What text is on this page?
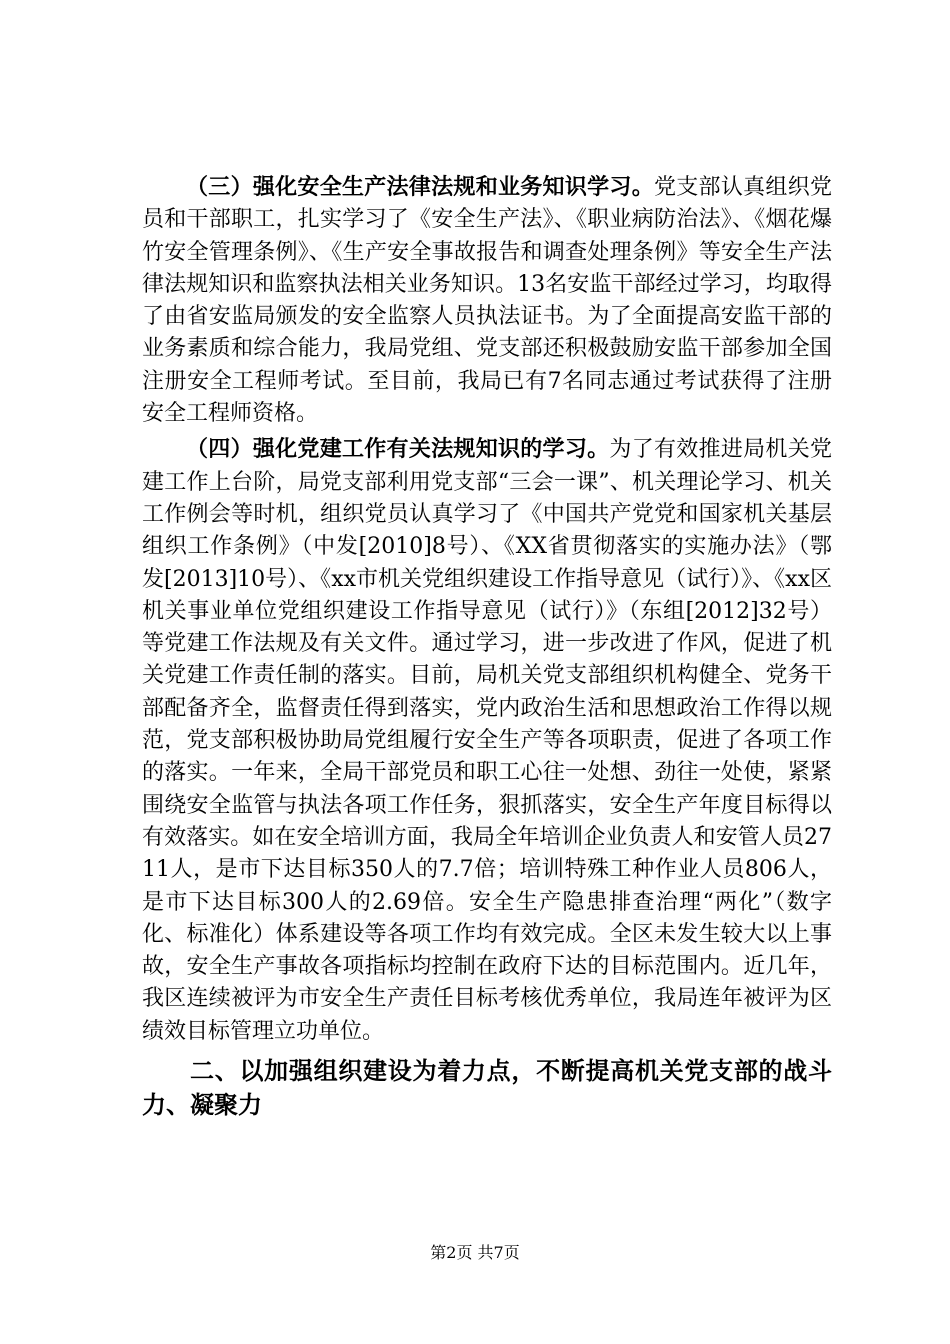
（三）强化安全生产法律法规和业务知识学习。党支部认真组织党员和干部职工，扎实学习了《安全生产法》、《职业病防治法》、《烟花爆竹安全管理条例》、《生产安全事故报告和调查处理条例》等安全生产法律法规知识和监察执法相关业务知识。13名安监干部经过学习，均取得了由省安监局颁发的安全监察人员执法证书。为了全面提高安监干部的业务素质和综合能力，我局党组、党支部还积极鼓励安监干部参加全国注册安全工程师考试。至目前，我局已有7名同志通过考试获得了注册安全工程师资格。

（四）强化党建工作有关法规知识的学习。为了有效推进局机关党建工作上台阶，局党支部利用党支部“三会一课”、机关理论学习、机关工作例会等时机，组织党员认真学习了《中国共产党党和国家机关基层组织工作条例》（中发[2010]8号）、《XX省贯彻落实的实施办法》（鄂发[2013]10号）、《xx市机关党组织建设工作指导意见（试行）》、《xx区机关事业单位党组织建设工作指导意见（试行）》（东组[2012]32号）等党建工作法规及有关文件。通过学习，进一步改进了作风，促进了机关党建工作责任制的落实。目前，局机关党支部组织机构健全、党务干部配备齐全，监督责任得到落实，党内政治生活和思想政治工作得以规范，党支部积极协助局党组履行安全生产等各项职责，促进了各项工作的落实。一年来，全局干部党员和职工心往一处想、劲往一处使，紧紧围绕安全监管与执法各项工作任务，狠抓落实，安全生产年度目标得以有效落实。如在安全培训方面，我局全年培训企业负责人和安管人员2711人，是市下达目标350人的7.7倍；培训特殊工种作业人员806人，是市下达目标300人的2.69倍。安全生产隐患排查治理“两化”（数字化、标准化）体系建设等各项工作均有效完成。全区未发生较大以上事故，安全生产事故各项指标均控制在政府下达的目标范围内。近几年，我区连续被评为市安全生产责任目标考核优秀单位，我局连年被评为区绩效目标管理立功单位。

二、以加强组织建设为着力点，不断提高机关党支部的战斗力、凝聚力

第2页 共7页
